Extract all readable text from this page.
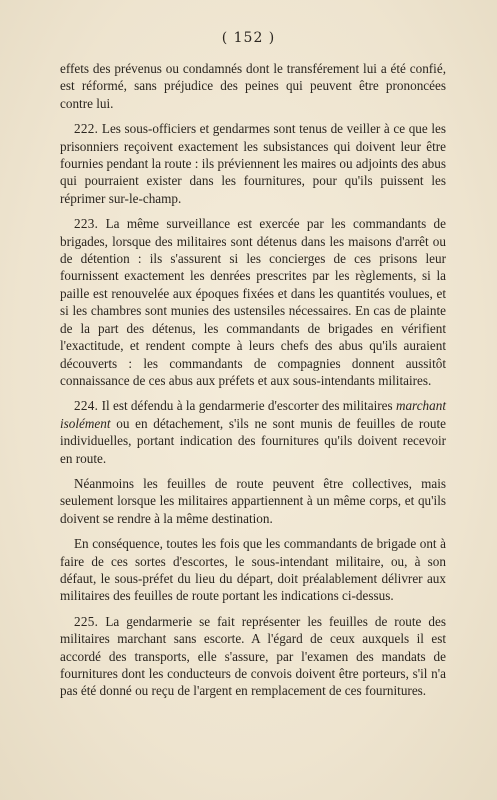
( 152 )

effets des prévenus ou condamnés dont le transférement lui a été confié, est réformé, sans préjudice des peines qui peuvent être prononcées contre lui.

222. Les sous-officiers et gendarmes sont tenus de veiller à ce que les prisonniers reçoivent exactement les subsistances qui doivent leur être fournies pendant la route : ils préviennent les maires ou adjoints des abus qui pourraient exister dans les fournitures, pour qu'ils puissent les réprimer sur-le-champ.

223. La même surveillance est exercée par les commandants de brigades, lorsque des militaires sont détenus dans les maisons d'arrêt ou de détention : ils s'assurent si les concierges de ces prisons leur fournissent exactement les denrées prescrites par les règlements, si la paille est renouvelée aux époques fixées et dans les quantités voulues, et si les chambres sont munies des ustensiles nécessaires. En cas de plainte de la part des détenus, les commandants de brigades en vérifient l'exactitude, et rendent compte à leurs chefs des abus qu'ils auraient découverts : les commandants de compagnies donnent aussitôt connaissance de ces abus aux préfets et aux sous-intendants militaires.

224. Il est défendu à la gendarmerie d'escorter des militaires marchant isolément ou en détachement, s'ils ne sont munis de feuilles de route individuelles, portant indication des fournitures qu'ils doivent recevoir en route.

Néanmoins les feuilles de route peuvent être collectives, mais seulement lorsque les militaires appartiennent à un même corps, et qu'ils doivent se rendre à la même destination.

En conséquence, toutes les fois que les commandants de brigade ont à faire de ces sortes d'escortes, le sous-intendant militaire, ou, à son défaut, le sous-préfet du lieu du départ, doit préalablement délivrer aux militaires des feuilles de route portant les indications ci-dessus.

225. La gendarmerie se fait représenter les feuilles de route des militaires marchant sans escorte. A l'égard de ceux auxquels il est accordé des transports, elle s'assure, par l'examen des mandats de fournitures dont les conducteurs de convois doivent être porteurs, s'il n'a pas été donné ou reçu de l'argent en remplacement de ces fournitures.
